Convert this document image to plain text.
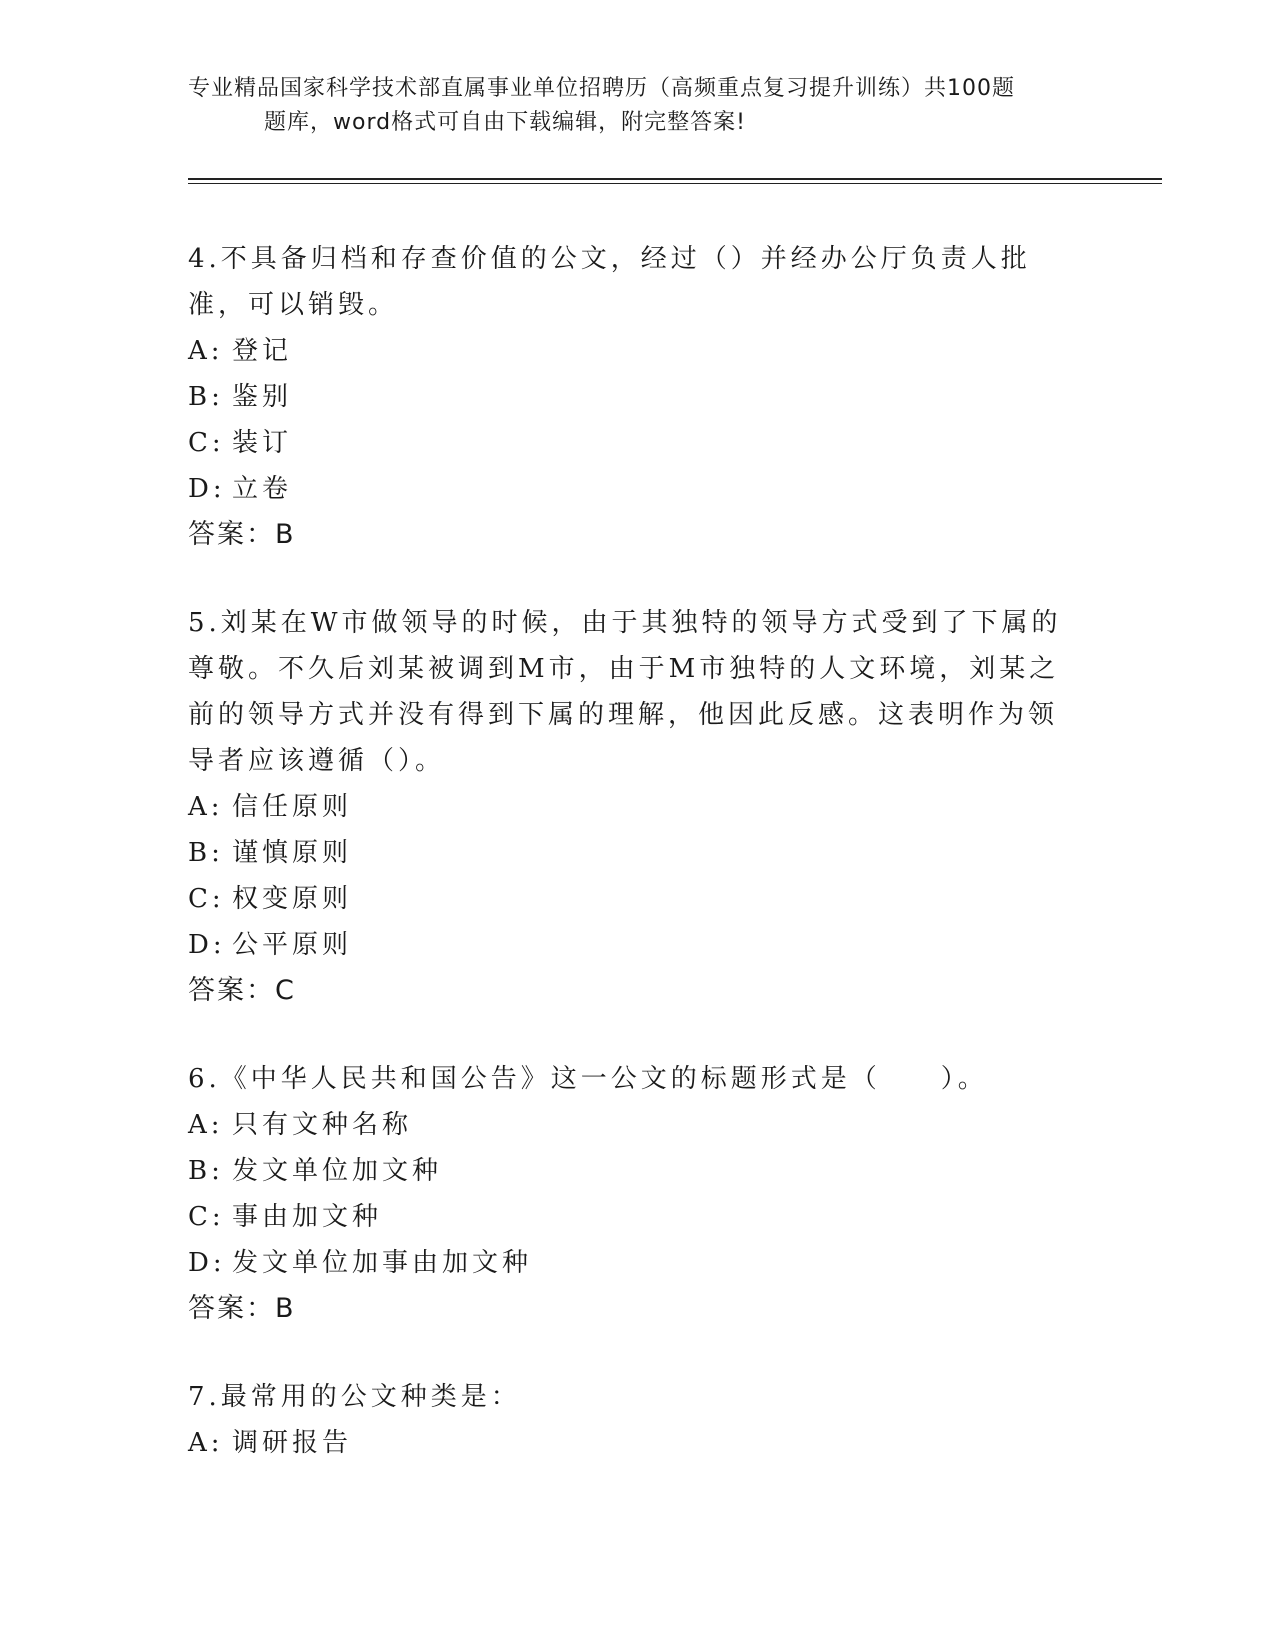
专业精品国家科学技术部直属事业单位招聘历（高频重点复习提升训练）共100题
题库，word格式可自由下载编辑，附完整答案!
4.不具备归档和存查价值的公文，经过（）并经办公厅负责人批准，可以销毁。
A: 登记
B: 鉴别
C: 装订
D: 立卷
答案：B
5.刘某在W市做领导的时候，由于其独特的领导方式受到了下属的尊敬。不久后刘某被调到M市，由于M市独特的人文环境，刘某之前的领导方式并没有得到下属的理解，他因此反感。这表明作为领导者应该遵循（）。
A: 信任原则
B: 谨慎原则
C: 权变原则
D: 公平原则
答案：C
6.《中华人民共和国公告》这一公文的标题形式是（　　）。
A: 只有文种名称
B: 发文单位加文种
C: 事由加文种
D: 发文单位加事由加文种
答案：B
7.最常用的公文种类是：
A: 调研报告
